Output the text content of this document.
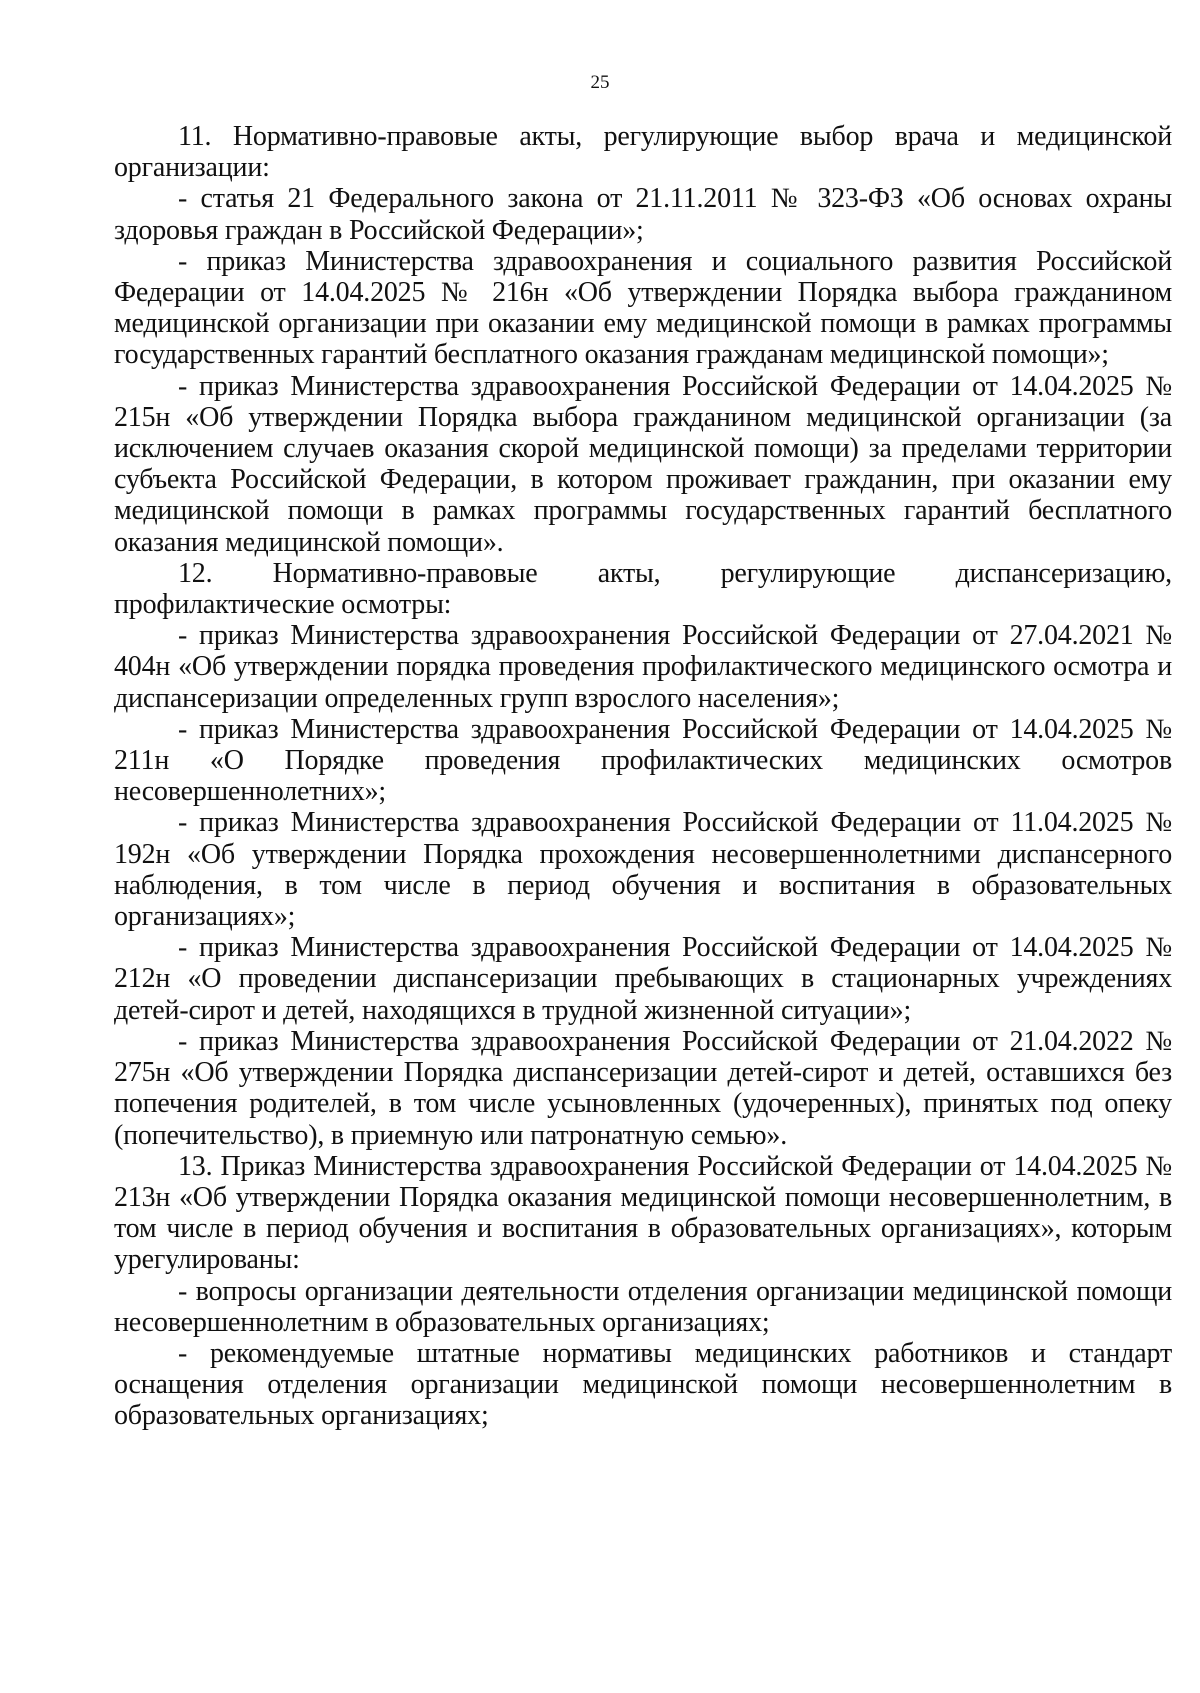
25

11. Нормативно-правовые акты, регулирующие выбор врача и медицинской организации:

- статья 21 Федерального закона от 21.11.2011 № 323-ФЗ «Об основах охраны здоровья граждан в Российской Федерации»;

- приказ Министерства здравоохранения и социального развития Российской Федерации от 14.04.2025 № 216н «Об утверждении Порядка выбора гражданином медицинской организации при оказании ему медицинской помощи в рамках программы государственных гарантий бесплатного оказания гражданам медицинской помощи»;

- приказ Министерства здравоохранения Российской Федерации от 14.04.2025 № 215н «Об утверждении Порядка выбора гражданином медицинской организации (за исключением случаев оказания скорой медицинской помощи) за пределами территории субъекта Российской Федерации, в котором проживает гражданин, при оказании ему медицинской помощи в рамках программы государственных гарантий бесплатного оказания медицинской помощи».

12. Нормативно-правовые акты, регулирующие диспансеризацию, профилактические осмотры:

- приказ Министерства здравоохранения Российской Федерации от 27.04.2021 № 404н «Об утверждении порядка проведения профилактического медицинского осмотра и диспансеризации определенных групп взрослого населения»;

- приказ Министерства здравоохранения Российской Федерации от 14.04.2025 № 211н «О Порядке проведения профилактических медицинских осмотров несовершеннолетних»;

- приказ Министерства здравоохранения Российской Федерации от 11.04.2025 № 192н «Об утверждении Порядка прохождения несовершеннолетними диспансерного наблюдения, в том числе в период обучения и воспитания в образовательных организациях»;

- приказ Министерства здравоохранения Российской Федерации от 14.04.2025 № 212н «О проведении диспансеризации пребывающих в стационарных учреждениях детей-сирот и детей, находящихся в трудной жизненной ситуации»;

- приказ Министерства здравоохранения Российской Федерации от 21.04.2022 № 275н «Об утверждении Порядка диспансеризации детей-сирот и детей, оставшихся без попечения родителей, в том числе усыновленных (удочеренных), принятых под опеку (попечительство), в приемную или патронатную семью».

13. Приказ Министерства здравоохранения Российской Федерации от 14.04.2025 № 213н «Об утверждении Порядка оказания медицинской помощи несовершеннолетним, в том числе в период обучения и воспитания в образовательных организациях», которым урегулированы:

- вопросы организации деятельности отделения организации медицинской помощи несовершеннолетним в образовательных организациях;

- рекомендуемые штатные нормативы медицинских работников и стандарт оснащения отделения организации медицинской помощи несовершеннолетним в образовательных организациях;
